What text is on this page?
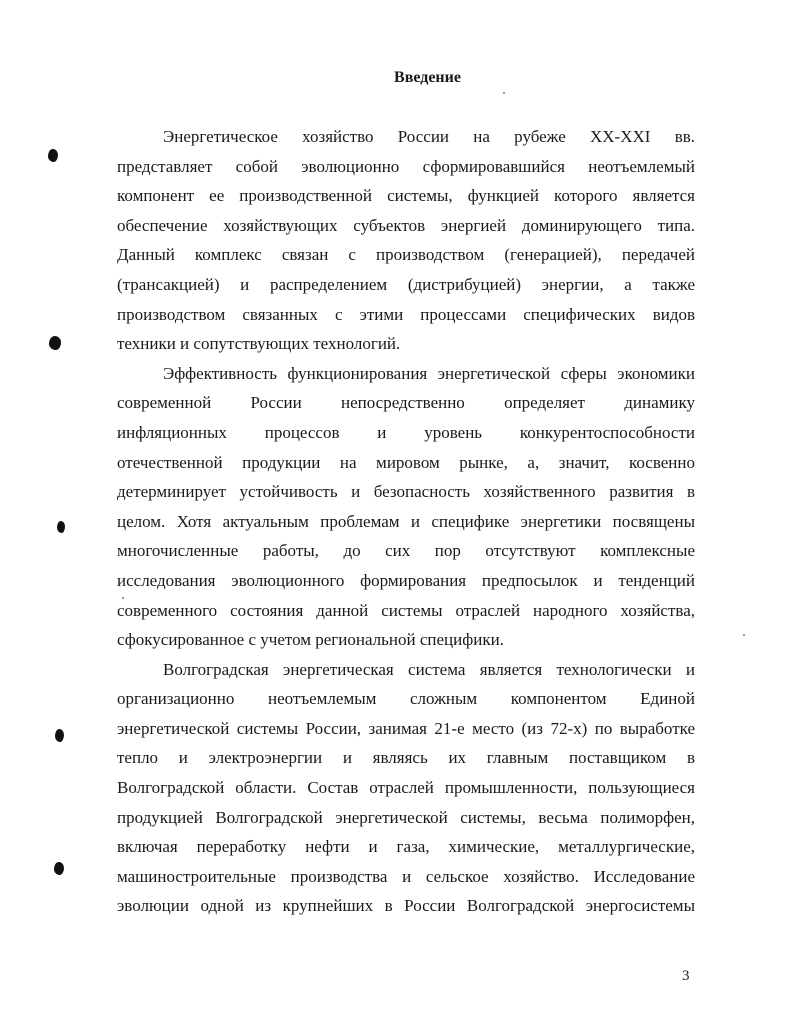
Введение
Энергетическое хозяйство России на рубеже XX-XXI вв.
представляет собой эволюционно сформировавшийся неотъемлемый
компонент ее производственной системы, функцией которого является
обеспечение хозяйствующих субъектов энергией доминирующего типа.
Данный комплекс связан с производством (генерацией), передачей
(трансакцией) и распределением (дистрибуцией) энергии, а также
производством связанных с этими процессами специфических видов
техники и сопутствующих технологий.
Эффективность функционирования энергетической сферы экономики
современной России непосредственно определяет динамику
инфляционных процессов и уровень конкурентоспособности
отечественной продукции на мировом рынке, а, значит, косвенно
детерминирует устойчивость и безопасность хозяйственного развития в
целом. Хотя актуальным проблемам и специфике энергетики посвящены
многочисленные работы, до сих пор отсутствуют комплексные
исследования эволюционного формирования предпосылок и тенденций
современного состояния данной системы отраслей народного хозяйства,
сфокусированное с учетом региональной специфики.
Волгоградская энергетическая система является технологически и
организационно неотъемлемым сложным компонентом Единой
энергетической системы России, занимая 21-е место (из 72-х) по выработке
тепло и электроэнергии и являясь их главным поставщиком в
Волгоградской области. Состав отраслей промышленности, пользующиеся
продукцией Волгоградской энергетической системы, весьма полиморфен,
включая переработку нефти и газа, химические, металлургические,
машиностроительные производства и сельское хозяйство. Исследование
эволюции одной из крупнейших в России Волгоградской энергосистемы
3
